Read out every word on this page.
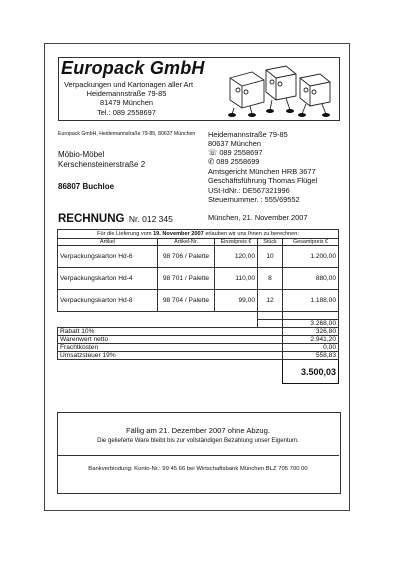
Europack GmbH
Verpackungen und Kartonagen aller Art
Heidemannstraße 79-85
81479 München
Tel.: 089 2558697
Europack GmbH, Heidemannstraße 79-85, 80637 München
Möbio-Möbel
Kerschensteinerstraße 2
86807 Buchloe
Heidemannstraße 79-85
80637 München
☏ 089 2558697
✆ 089 2558699
Amtsgericht München HRB 3677
Geschäftsführung Thomas Flügel
USt-IdNr.: DE567321996
Steuernummer. : 555/69552
RECHNUNG Nr. 012 345	München, 21. November 2007
Für die Lieferung vom 19. November 2007 erlauben wir uns Ihnen zu berechnen:				
Artikel	Artikel-Nr.	Einzelpreis €	Stück	Gesamtpreis €
Verpackungskarton Hd-6	98 706 / Palette	120,00	10	1.200,00
Verpackungskarton Hd-4	98 701 / Palette	110,00	8	880,00
Verpackungskarton Hd-8	98 704 / Palette	99,00	12	1.188,00

				3.268,00
Rabatt 10%				326,80
Warenwert netto				2.941,20
Frachtkosten				0,00
Umsatzsteuer 19%				558,83
				3.500,03
Fällig am 21. Dezember 2007 ohne Abzug.
Die gelieferte Ware bleibt bis zur vollständigen Bezahlung unser Eigentum.
Bankverbindung: Konto-Nr.: 99 45 66 bei Wirtschaftsbank München BLZ 705 700 00
